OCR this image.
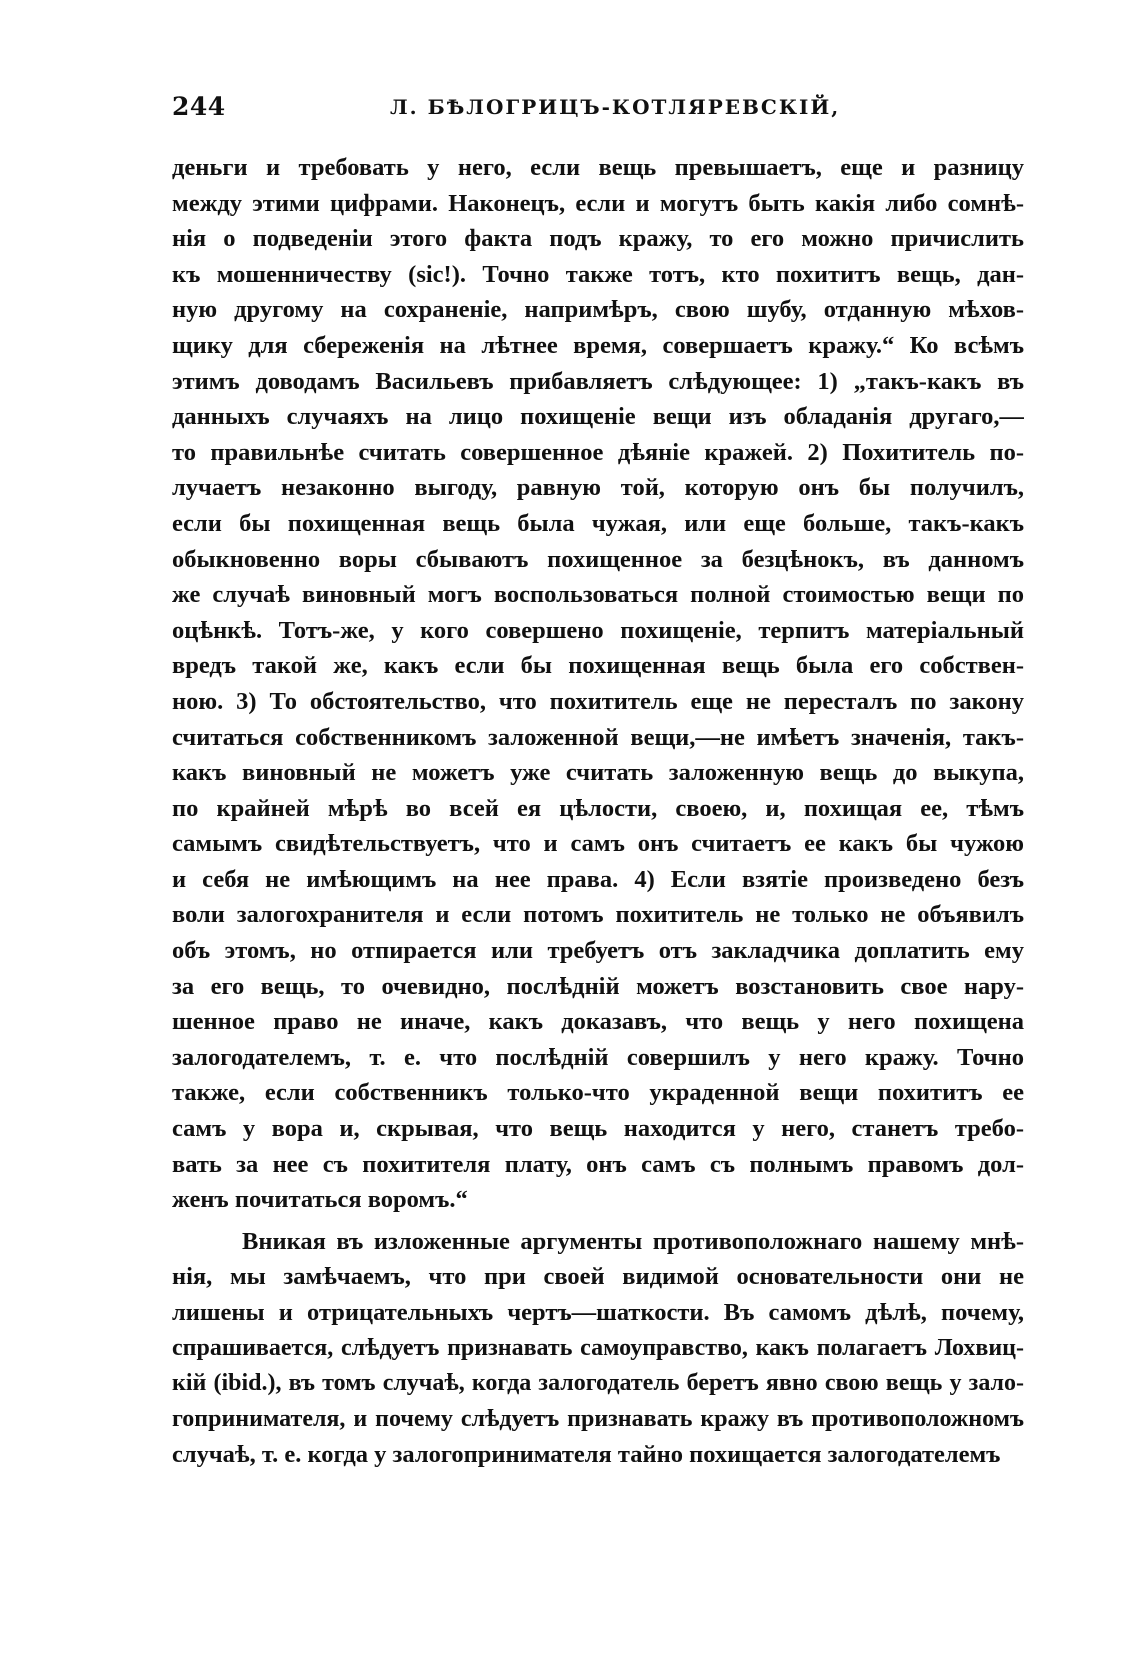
244	Л. БѢЛОГРИЦЪ-КОТЛЯРЕВСКІЙ,
деньги и требовать у него, если вещь превышаетъ, еще и разницу
между этими цифрами. Наконецъ, если и могутъ быть какія либо сомнѣ-
нія о подведеніи этого факта подъ кражу, то его можно причислить
къ мошенничеству (sic!). Точно также тотъ, кто похититъ вещь, дан-
ную другому на сохраненіе, напримѣръ, свою шубу, отданную мѣхов-
щику для сбереженія на лѣтнее время, совершаетъ кражу.“ Ко всѣмъ
этимъ доводамъ Васильевъ прибавляетъ слѣдующее: 1) „такъ-какъ въ
данныхъ случаяхъ на лицо похищеніе вещи изъ обладанія другаго,—
то правильнѣе считать совершенное дѣяніе кражей. 2) Похититель по-
лучаетъ незаконно выгоду, равную той, которую онъ бы получилъ,
если бы похищенная вещь была чужая, или еще больше, такъ-какъ
обыкновенно воры сбываютъ похищенное за безцѣнокъ, въ данномъ
же случаѣ виновный могъ воспользоваться полной стоимостью вещи по
оцѣнкѣ. Тотъ-же, у кого совершено похищеніе, терпитъ матеріальный
вредъ такой же, какъ если бы похищенная вещь была его собствен-
ною. 3) То обстоятельство, что похититель еще не пересталъ по закону
считаться собственникомъ заложенной вещи,—не имѣетъ значенія, такъ-
какъ виновный не можетъ уже считать заложенную вещь до выкупа,
по крайней мѣрѣ во всей ея цѣлости, своею, и, похищая ее, тѣмъ
самымъ свидѣтельствуетъ, что и самъ онъ считаетъ ее какъ бы чужою
и себя не имѣющимъ на нее права. 4) Если взятіе произведено безъ
воли залогохранителя и если потомъ похититель не только не объявилъ
объ этомъ, но отпирается или требуетъ отъ закладчика доплатить ему
за его вещь, то очевидно, послѣдній можетъ возстановить свое нару-
шенное право не иначе, какъ доказавъ, что вещь у него похищена
залогодателемъ, т. е. что послѣдній совершилъ у него кражу. Точно
также, если собственникъ только-что украденной вещи похититъ ее
самъ у вора и, скрывая, что вещь находится у него, станетъ требо-
вать за нее съ похитителя плату, онъ самъ съ полнымъ правомъ дол-
женъ почитаться воромъ.“
Вникая въ изложенные аргументы противоположнаго нашему мнѣ-
нія, мы замѣчаемъ, что при своей видимой основательности они не
лишены и отрицательныхъ чертъ—шаткости. Въ самомъ дѣлѣ, почему,
спрашивается, слѣдуетъ признавать самоуправство, какъ полагаетъ Лохвиц-
кій (ibid.), въ томъ случаѣ, когда залогодатель беретъ явно свою вещь у зало-
гопринимателя, и почему слѣдуетъ признавать кражу въ противоположномъ
случаѣ, т. е. когда у залогопринимателя тайно похищается залогодателемъ
